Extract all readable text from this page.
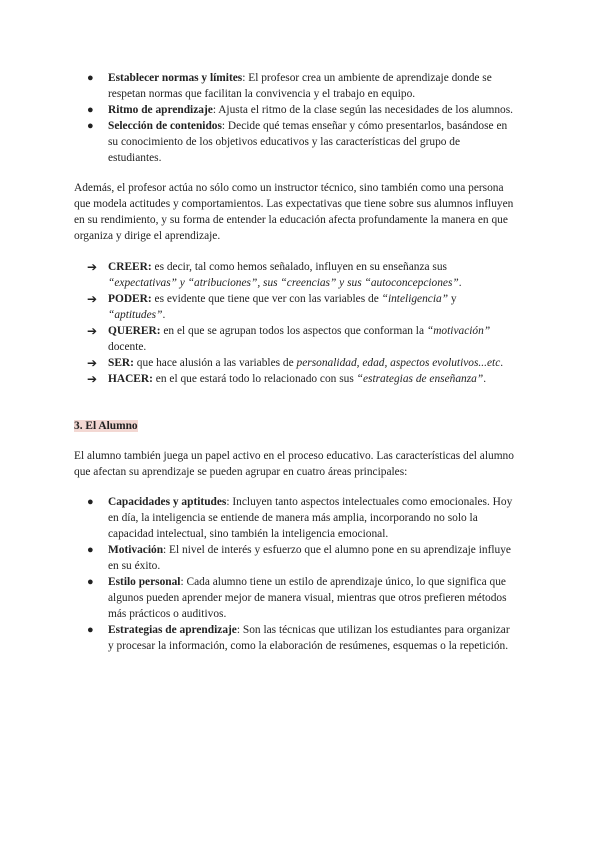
● Establecer normas y límites: El profesor crea un ambiente de aprendizaje donde se respetan normas que facilitan la convivencia y el trabajo en equipo.
● Ritmo de aprendizaje: Ajusta el ritmo de la clase según las necesidades de los alumnos.
● Selección de contenidos: Decide qué temas enseñar y cómo presentarlos, basándose en su conocimiento de los objetivos educativos y las características del grupo de estudiantes.

Además, el profesor actúa no sólo como un instructor técnico, sino también como una persona que modela actitudes y comportamientos. Las expectativas que tiene sobre sus alumnos influyen en su rendimiento, y su forma de entender la educación afecta profundamente la manera en que organiza y dirige el aprendizaje.

➔ CREER: es decir, tal como hemos señalado, influyen en su enseñanza sus “expectativas” y “atribuciones”, sus “creencias” y sus “autoconcepciones”.
➔ PODER: es evidente que tiene que ver con las variables de “inteligencia” y “aptitudes”.
➔ QUERER: en el que se agrupan todos los aspectos que conforman la “motivación” docente.
➔ SER: que hace alusión a las variables de personalidad, edad, aspectos evolutivos...etc.
➔ HACER: en el que estará todo lo relacionado con sus “estrategias de enseñanza”.

3. El Alumno

El alumno también juega un papel activo en el proceso educativo. Las características del alumno que afectan su aprendizaje se pueden agrupar en cuatro áreas principales:

● Capacidades y aptitudes: Incluyen tanto aspectos intelectuales como emocionales. Hoy en día, la inteligencia se entiende de manera más amplia, incorporando no solo la capacidad intelectual, sino también la inteligencia emocional.
● Motivación: El nivel de interés y esfuerzo que el alumno pone en su aprendizaje influye en su éxito.
● Estilo personal: Cada alumno tiene un estilo de aprendizaje único, lo que significa que algunos pueden aprender mejor de manera visual, mientras que otros prefieren métodos más prácticos o auditivos.
● Estrategias de aprendizaje: Son las técnicas que utilizan los estudiantes para organizar y procesar la información, como la elaboración de resúmenes, esquemas o la repetición.
